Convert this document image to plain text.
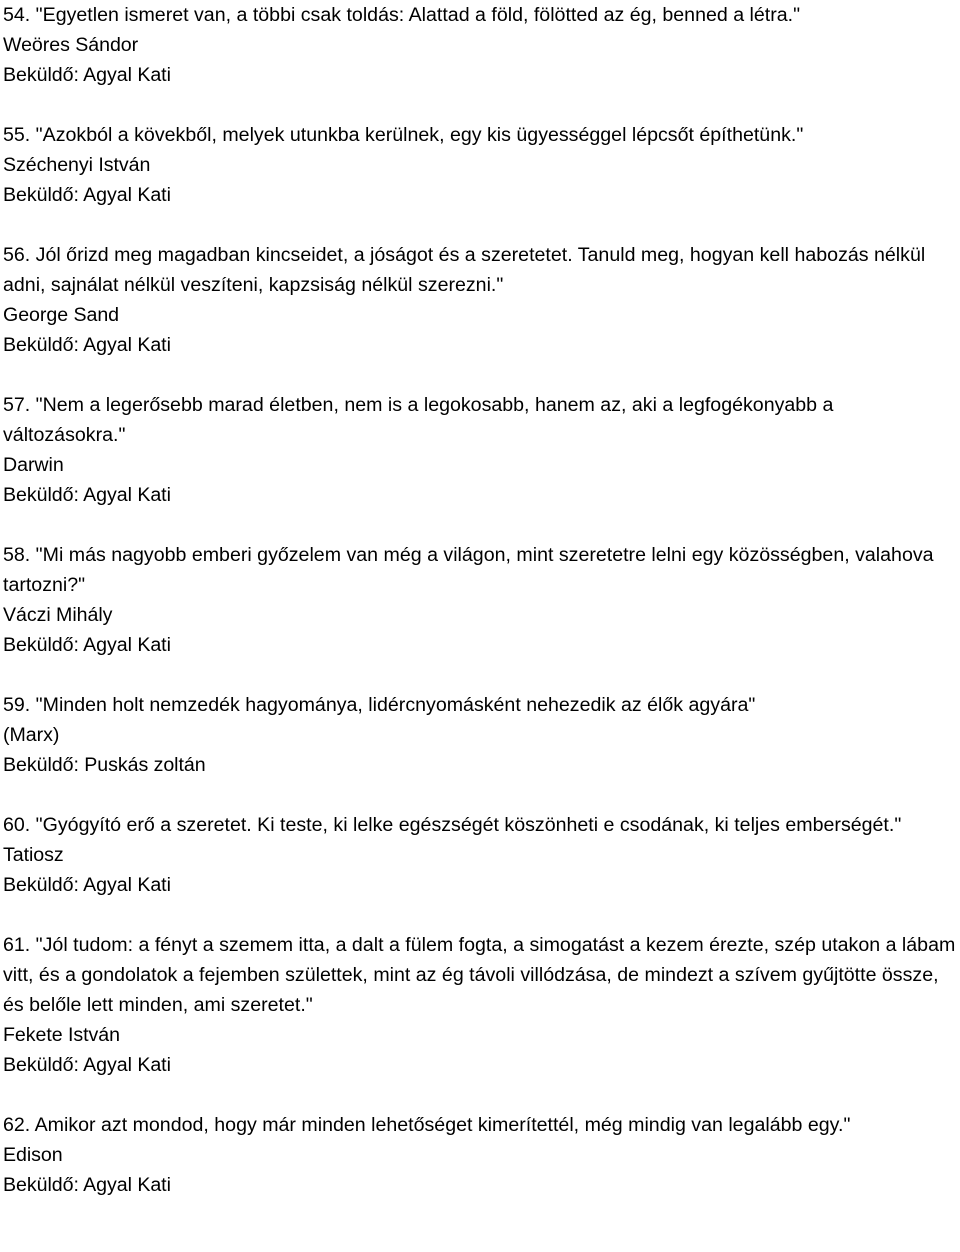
54. "Egyetlen ismeret van, a többi csak toldás: Alattad a föld, fölötted az ég, benned a létra."
Weöres Sándor
Beküldő: Agyal Kati
55. "Azokból a kövekből, melyek utunkba kerülnek, egy kis ügyességgel lépcsőt építhetünk."
Széchenyi István
Beküldő: Agyal Kati
56. Jól őrizd meg magadban kincseidet, a jóságot és a szeretetet. Tanuld meg, hogyan kell habozás nélkül adni, sajnálat nélkül veszíteni, kapzsiság nélkül szerezni."
George Sand
Beküldő: Agyal Kati
57. "Nem a legerősebb marad életben, nem is a legokosabb, hanem az, aki a legfogékonyabb a változásokra."
Darwin
Beküldő: Agyal Kati
58. "Mi más nagyobb emberi győzelem van még a világon, mint szeretetre lelni egy közösségben, valahova tartozni?"
Váczi Mihály
Beküldő: Agyal Kati
59. "Minden holt nemzedék hagyománya, lidércnyomásként nehezedik az élők agyára"
(Marx)
Beküldő: Puskás zoltán
60. "Gyógyító erő a szeretet. Ki teste, ki lelke egészségét köszönheti e csodának, ki teljes emberségét."
Tatiosz
Beküldő: Agyal Kati
61. "Jól tudom: a fényt a szemem itta, a dalt a fülem fogta, a simogatást a kezem érezte, szép utakon a lábam vitt, és a gondolatok a fejemben születtek, mint az ég távoli villódzása, de mindezt a szívem gyűjtötte össze, és belőle lett minden, ami szeretet."
Fekete István
Beküldő: Agyal Kati
62. Amikor azt mondod, hogy már minden lehetőséget kimerítettél, még mindig van legalább egy."
Edison
Beküldő: Agyal Kati
